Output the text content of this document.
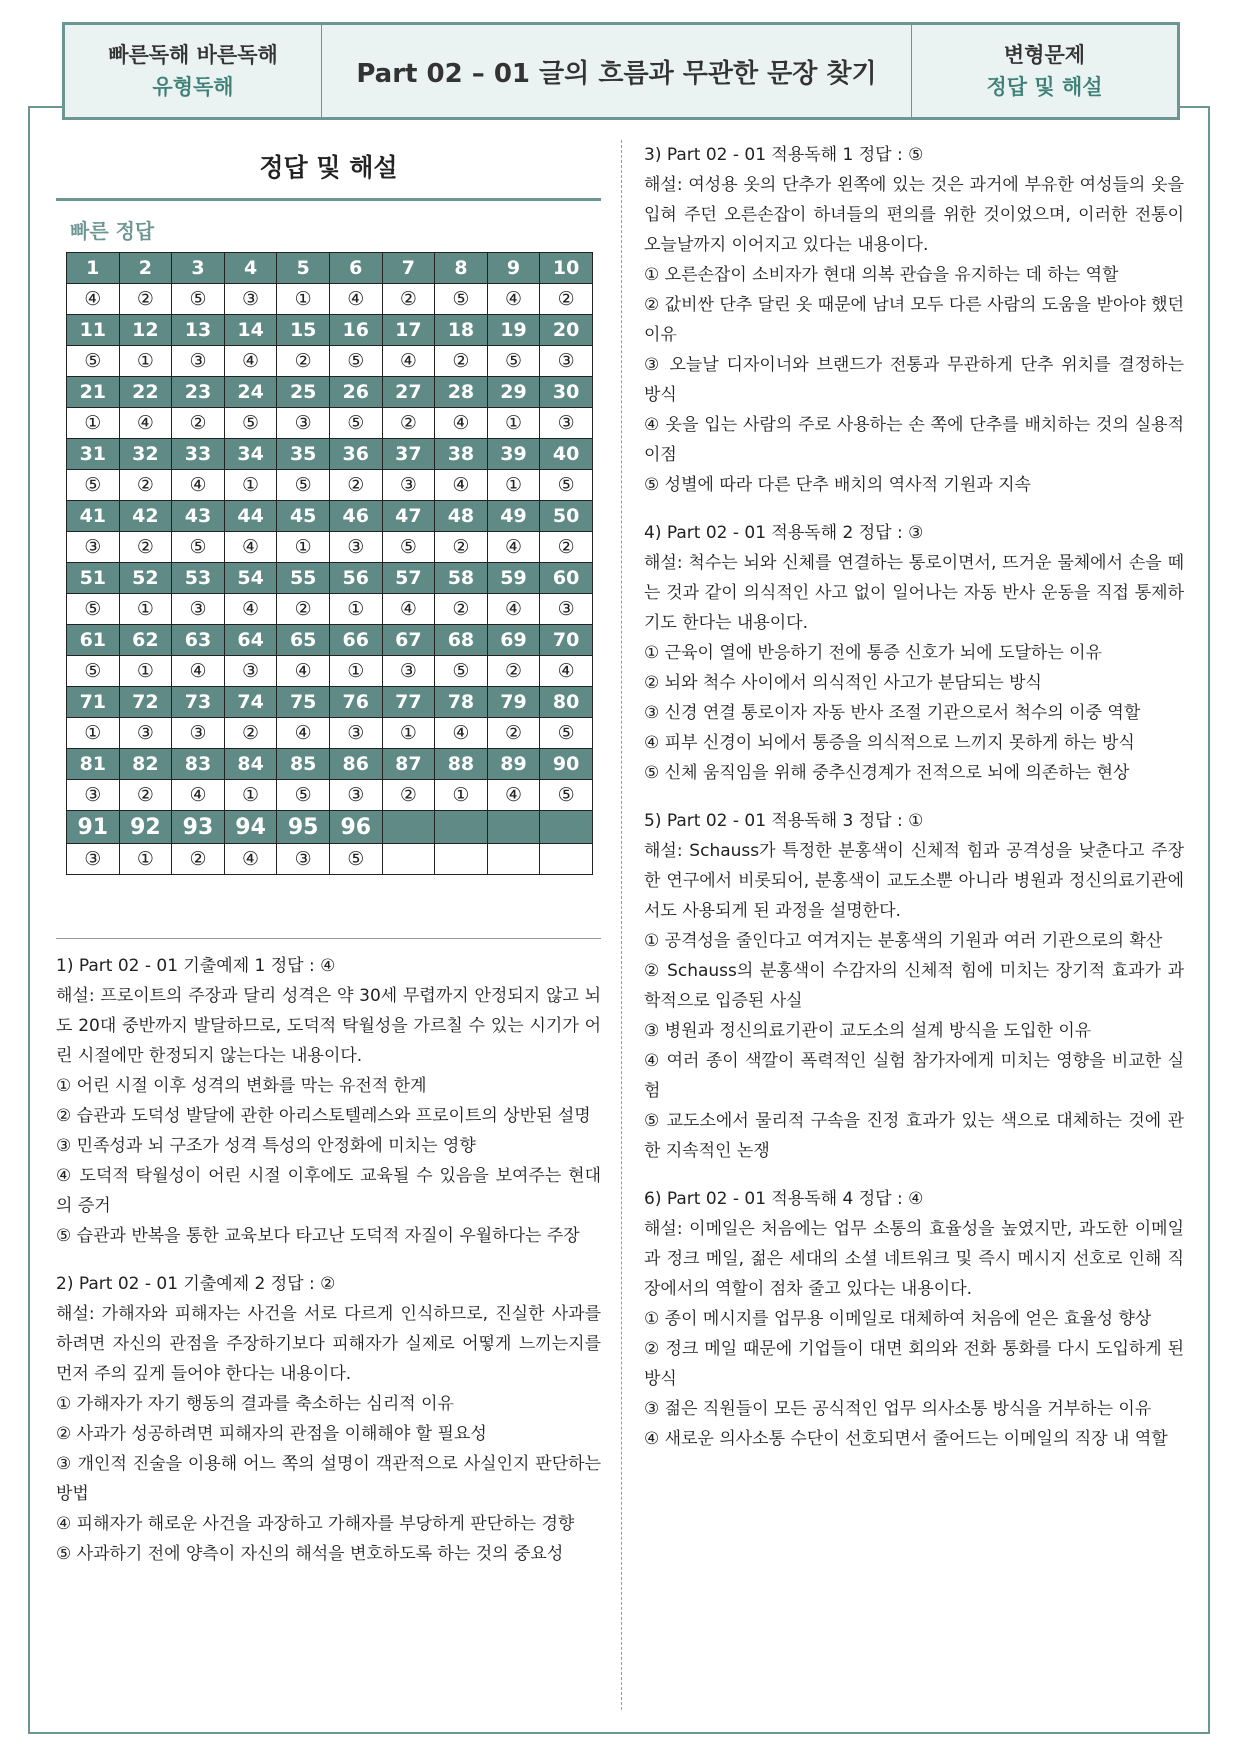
빠른독해 바른독해
유형독해	Part 02 – 01 글의 흐름과 무관한 문장 찾기
변형문제
정답 및 해설
정답 및 해설
빠른 정답
1	2	3	4	5	6	7	8	9	10
④	②	⑤	③	①	④	②	⑤	④	②
11	12	13	14	15	16	17	18	19	20
⑤	①	③	④	②	⑤	④	②	⑤	③
21	22	23	24	25	26	27	28	29	30
①	④	②	⑤	③	⑤	②	④	①	③
31	32	33	34	35	36	37	38	39	40
⑤	②	④	①	⑤	②	③	④	①	⑤
41	42	43	44	45	46	47	48	49	50
③	②	⑤	④	①	③	⑤	②	④	②
51	52	53	54	55	56	57	58	59	60
⑤	①	③	④	②	①	④	②	④	③
61	62	63	64	65	66	67	68	69	70
⑤	①	④	③	④	①	③	⑤	②	④
71	72	73	74	75	76	77	78	79	80
①	③	③	②	④	③	①	④	②	⑤
81	82	83	84	85	86	87	88	89	90
③	②	④	①	⑤	③	②	①	④	⑤
91	92	93	94	95	96				
③	①	②	④	③	⑤				

1) Part 02 - 01 기출예제 1 정답 : ④

해설: 프로이트의 주장과 달리 성격은 약 30세 무렵까지 안정되지 않고 뇌도 20대 중반까지 발달하므로, 도덕적 탁월성을 가르칠 수 있는 시기가 어린 시절에만 한정되지 않는다는 내용이다.

① 어린 시절 이후 성격의 변화를 막는 유전적 한계

② 습관과 도덕성 발달에 관한 아리스토텔레스와 프로이트의 상반된 설명

③ 민족성과 뇌 구조가 성격 특성의 안정화에 미치는 영향

④ 도덕적 탁월성이 어린 시절 이후에도 교육될 수 있음을 보여주는 현대의 증거

⑤ 습관과 반복을 통한 교육보다 타고난 도덕적 자질이 우월하다는 주장

2) Part 02 - 01 기출예제 2 정답 : ②

해설: 가해자와 피해자는 사건을 서로 다르게 인식하므로, 진실한 사과를 하려면 자신의 관점을 주장하기보다 피해자가 실제로 어떻게 느끼는지를 먼저 주의 깊게 들어야 한다는 내용이다.

① 가해자가 자기 행동의 결과를 축소하는 심리적 이유

② 사과가 성공하려면 피해자의 관점을 이해해야 할 필요성

③ 개인적 진술을 이용해 어느 쪽의 설명이 객관적으로 사실인지 판단하는 방법

④ 피해자가 해로운 사건을 과장하고 가해자를 부당하게 판단하는 경향

⑤ 사과하기 전에 양측이 자신의 해석을 변호하도록 하는 것의 중요성

3) Part 02 - 01 적용독해 1 정답 : ⑤

해설: 여성용 옷의 단추가 왼쪽에 있는 것은 과거에 부유한 여성들의 옷을 입혀 주던 오른손잡이 하녀들의 편의를 위한 것이었으며, 이러한 전통이 오늘날까지 이어지고 있다는 내용이다.

① 오른손잡이 소비자가 현대 의복 관습을 유지하는 데 하는 역할

② 값비싼 단추 달린 옷 때문에 남녀 모두 다른 사람의 도움을 받아야 했던 이유

③ 오늘날 디자이너와 브랜드가 전통과 무관하게 단추 위치를 결정하는 방식

④ 옷을 입는 사람의 주로 사용하는 손 쪽에 단추를 배치하는 것의 실용적 이점

⑤ 성별에 따라 다른 단추 배치의 역사적 기원과 지속

4) Part 02 - 01 적용독해 2 정답 : ③

해설: 척수는 뇌와 신체를 연결하는 통로이면서, 뜨거운 물체에서 손을 떼는 것과 같이 의식적인 사고 없이 일어나는 자동 반사 운동을 직접 통제하기도 한다는 내용이다.

① 근육이 열에 반응하기 전에 통증 신호가 뇌에 도달하는 이유

② 뇌와 척수 사이에서 의식적인 사고가 분담되는 방식

③ 신경 연결 통로이자 자동 반사 조절 기관으로서 척수의 이중 역할

④ 피부 신경이 뇌에서 통증을 의식적으로 느끼지 못하게 하는 방식

⑤ 신체 움직임을 위해 중추신경계가 전적으로 뇌에 의존하는 현상

5) Part 02 - 01 적용독해 3 정답 : ①

해설: Schauss가 특정한 분홍색이 신체적 힘과 공격성을 낮춘다고 주장한 연구에서 비롯되어, 분홍색이 교도소뿐 아니라 병원과 정신의료기관에서도 사용되게 된 과정을 설명한다.

① 공격성을 줄인다고 여겨지는 분홍색의 기원과 여러 기관으로의 확산

② Schauss의 분홍색이 수감자의 신체적 힘에 미치는 장기적 효과가 과학적으로 입증된 사실

③ 병원과 정신의료기관이 교도소의 설계 방식을 도입한 이유

④ 여러 종이 색깔이 폭력적인 실험 참가자에게 미치는 영향을 비교한 실험

⑤ 교도소에서 물리적 구속을 진정 효과가 있는 색으로 대체하는 것에 관한 지속적인 논쟁

6) Part 02 - 01 적용독해 4 정답 : ④

해설: 이메일은 처음에는 업무 소통의 효율성을 높였지만, 과도한 이메일과 정크 메일, 젊은 세대의 소셜 네트워크 및 즉시 메시지 선호로 인해 직장에서의 역할이 점차 줄고 있다는 내용이다.

① 종이 메시지를 업무용 이메일로 대체하여 처음에 얻은 효율성 향상

② 정크 메일 때문에 기업들이 대면 회의와 전화 통화를 다시 도입하게 된 방식

③ 젊은 직원들이 모든 공식적인 업무 의사소통 방식을 거부하는 이유

④ 새로운 의사소통 수단이 선호되면서 줄어드는 이메일의 직장 내 역할
